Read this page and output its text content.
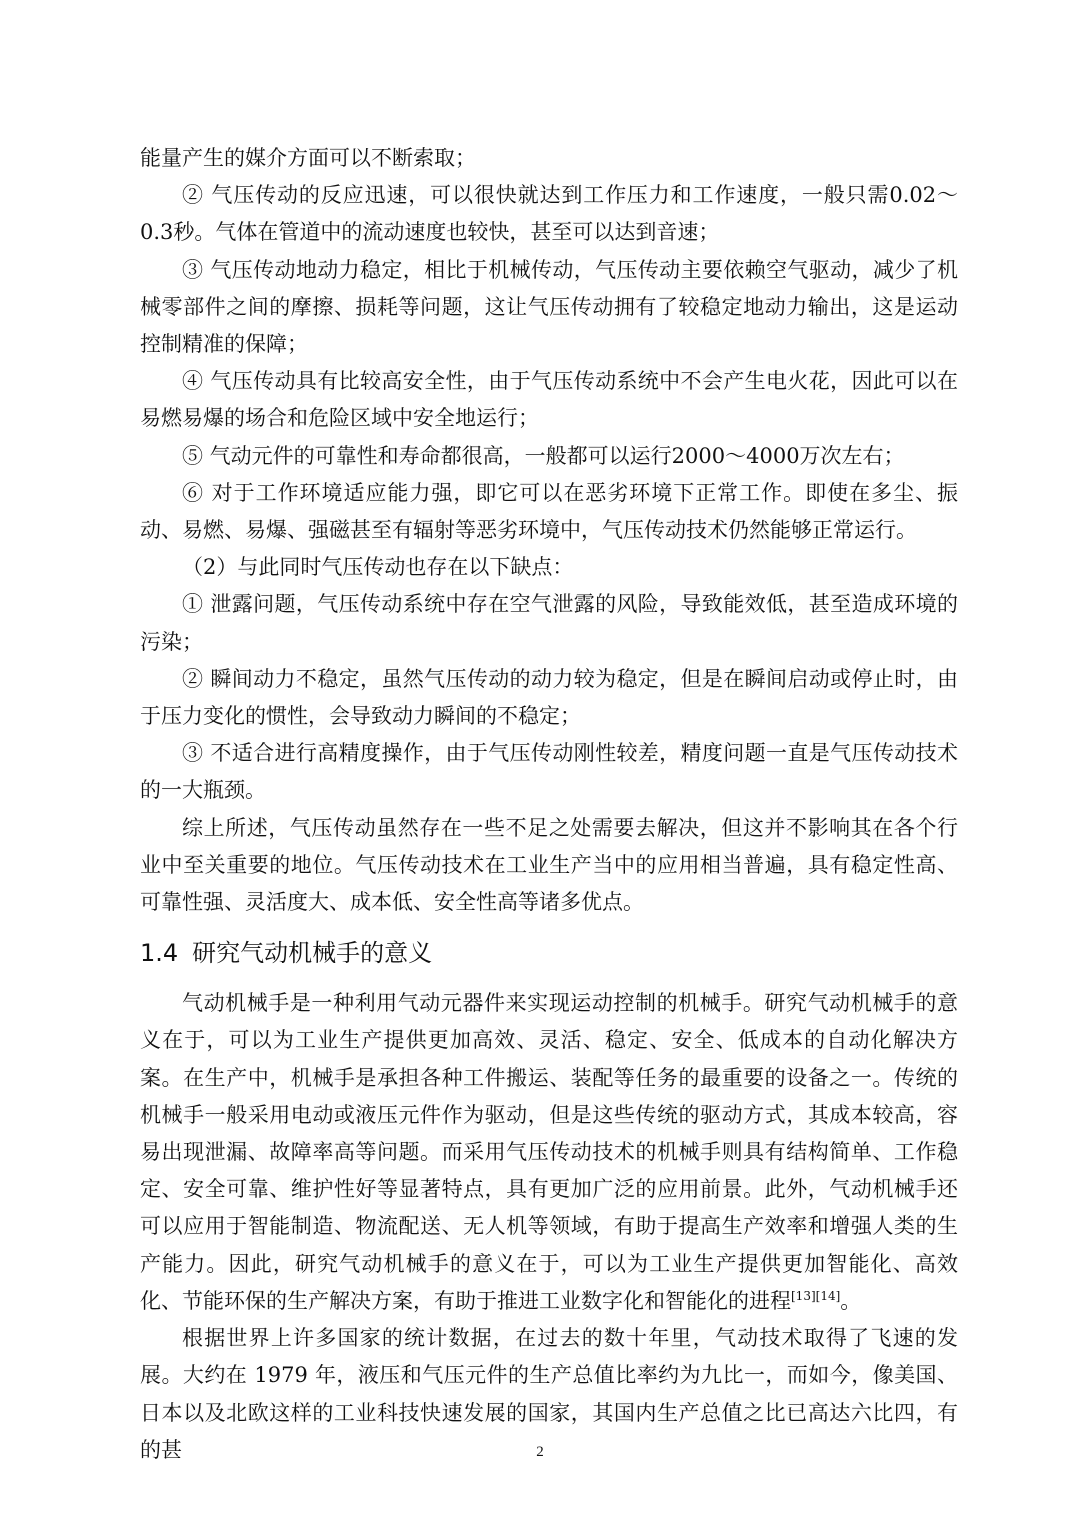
能量产生的媒介方面可以不断索取；

② 气压传动的反应迅速，可以很快就达到工作压力和工作速度，一般只需0.02～0.3秒。气体在管道中的流动速度也较快，甚至可以达到音速；

③ 气压传动地动力稳定，相比于机械传动，气压传动主要依赖空气驱动，减少了机械零部件之间的摩擦、损耗等问题，这让气压传动拥有了较稳定地动力输出，这是运动控制精准的保障；

④ 气压传动具有比较高安全性，由于气压传动系统中不会产生电火花，因此可以在易燃易爆的场合和危险区域中安全地运行；

⑤ 气动元件的可靠性和寿命都很高，一般都可以运行2000～4000万次左右；

⑥ 对于工作环境适应能力强，即它可以在恶劣环境下正常工作。即使在多尘、振动、易燃、易爆、强磁甚至有辐射等恶劣环境中，气压传动技术仍然能够正常运行。

（2）与此同时气压传动也存在以下缺点：

① 泄露问题，气压传动系统中存在空气泄露的风险，导致能效低，甚至造成环境的污染；

② 瞬间动力不稳定，虽然气压传动的动力较为稳定，但是在瞬间启动或停止时，由于压力变化的惯性，会导致动力瞬间的不稳定；

③ 不适合进行高精度操作，由于气压传动刚性较差，精度问题一直是气压传动技术的一大瓶颈。

综上所述，气压传动虽然存在一些不足之处需要去解决，但这并不影响其在各个行业中至关重要的地位。气压传动技术在工业生产当中的应用相当普遍，具有稳定性高、可靠性强、灵活度大、成本低、安全性高等诸多优点。

1.4 研究气动机械手的意义

气动机械手是一种利用气动元器件来实现运动控制的机械手。研究气动机械手的意义在于，可以为工业生产提供更加高效、灵活、稳定、安全、低成本的自动化解决方案。在生产中，机械手是承担各种工件搬运、装配等任务的最重要的设备之一。传统的机械手一般采用电动或液压元件作为驱动，但是这些传统的驱动方式，其成本较高，容易出现泄漏、故障率高等问题。而采用气压传动技术的机械手则具有结构简单、工作稳定、安全可靠、维护性好等显著特点，具有更加广泛的应用前景。此外，气动机械手还可以应用于智能制造、物流配送、无人机等领域，有助于提高生产效率和增强人类的生产能力。因此，研究气动机械手的意义在于，可以为工业生产提供更加智能化、高效化、节能环保的生产解决方案，有助于推进工业数字化和智能化的进程[13][14]。

根据世界上许多国家的统计数据，在过去的数十年里，气动技术取得了飞速的发展。大约在 1979 年，液压和气压元件的生产总值比率约为九比一，而如今，像美国、日本以及北欧这样的工业科技快速发展的国家，其国内生产总值之比已高达六比四，有的甚	2
